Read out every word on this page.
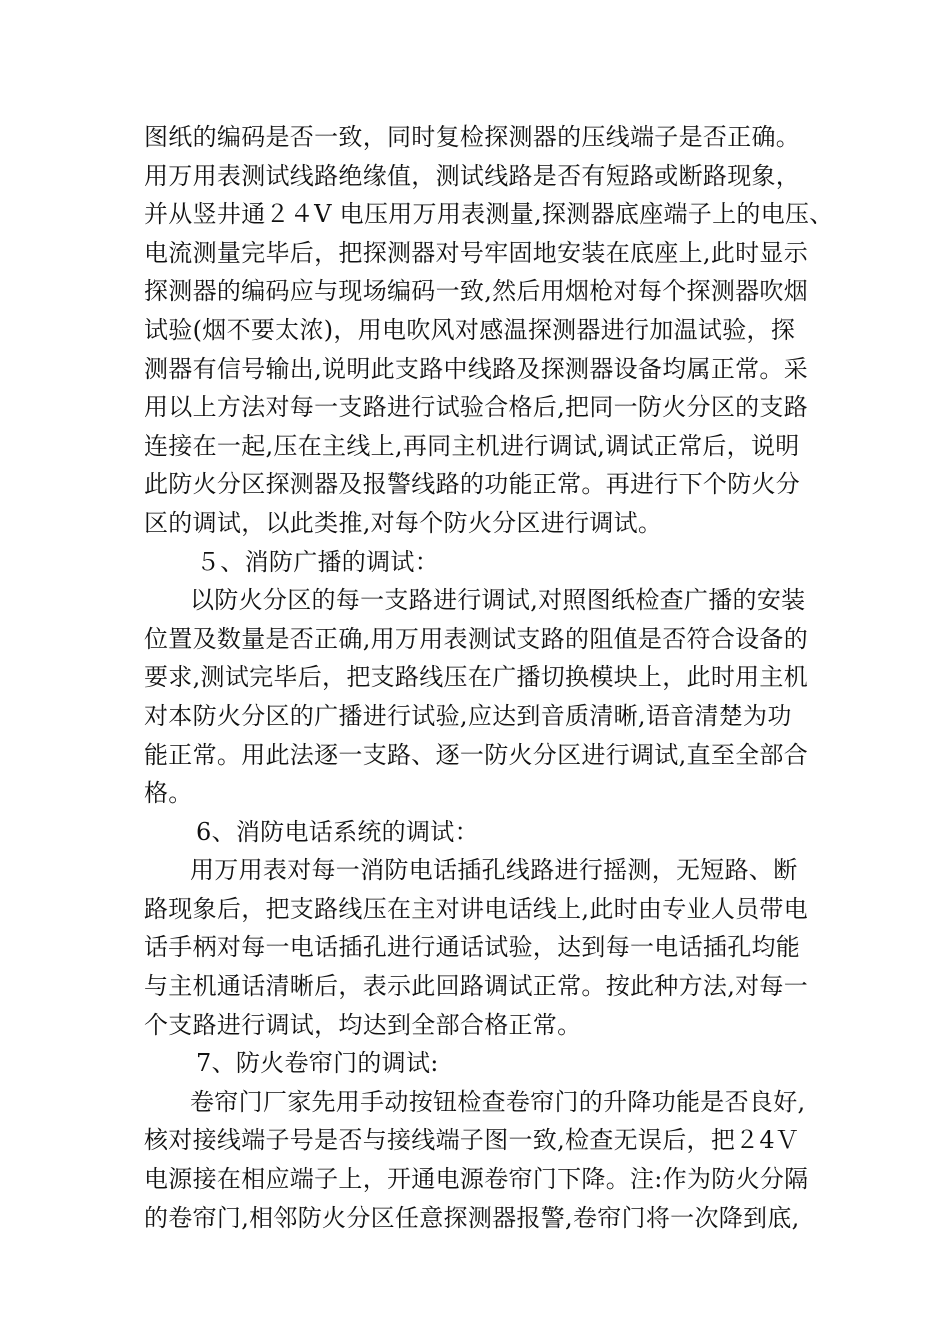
图纸的编码是否一致，同时复检探测器的压线端子是否正确。
用万用表测试线路绝缘值，测试线路是否有短路或断路现象，
并从竖井通２４V 电压用万用表测量,探测器底座端子上的电压、
电流测量完毕后，把探测器对号牢固地安装在底座上,此时显示
探测器的编码应与现场编码一致,然后用烟枪对每个探测器吹烟
试验(烟不要太浓)，用电吹风对感温探测器进行加温试验，探
测器有信号输出,说明此支路中线路及探测器设备均属正常。采
用以上方法对每一支路进行试验合格后,把同一防火分区的支路
连接在一起,压在主线上,再同主机进行调试,调试正常后，说明
此防火分区探测器及报警线路的功能正常。再进行下个防火分
区的调试，以此类推,对每个防火分区进行调试。
５、消防广播的调试：
以防火分区的每一支路进行调试,对照图纸检查广播的安装
位置及数量是否正确,用万用表测试支路的阻值是否符合设备的
要求,测试完毕后，把支路线压在广播切换模块上，此时用主机
对本防火分区的广播进行试验,应达到音质清晰,语音清楚为功
能正常。用此法逐一支路、逐一防火分区进行调试,直至全部合
格。
6、消防电话系统的调试：
用万用表对每一消防电话插孔线路进行摇测，无短路、断
路现象后，把支路线压在主对讲电话线上,此时由专业人员带电
话手柄对每一电话插孔进行通话试验，达到每一电话插孔均能
与主机通话清晰后，表示此回路调试正常。按此种方法,对每一
个支路进行调试，均达到全部合格正常。
7、防火卷帘门的调试:
卷帘门厂家先用手动按钮检查卷帘门的升降功能是否良好,
核对接线端子号是否与接线端子图一致,检查无误后，把２4Ｖ
电源接在相应端子上，开通电源卷帘门下降。注:作为防火分隔
的卷帘门,相邻防火分区任意探测器报警,卷帘门将一次降到底,
